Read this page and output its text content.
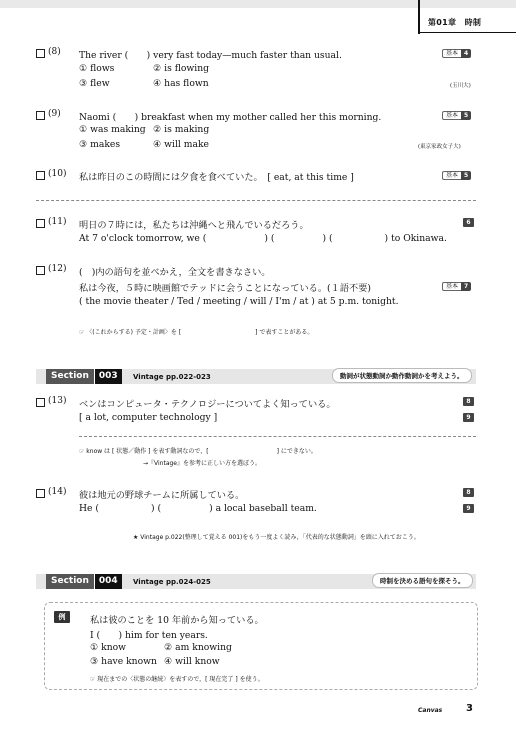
第01章　時制
(8) The river (　　) very fast today—much faster than usual.	基本	4
① flows	② is flowing
③ flew	④ has flown	(玉川大)
(9) Naomi (　　) breakfast when my mother called her this morning.	基本	5
① was making ② is making
③ makes	④ will make	(東京家政女子大)
(10) 私は昨日のこの時間には夕食を食べていた。　[ eat, at this time ]	基本	5
(11) 明日の７時には，私たちは沖縄へと飛んでいるだろう。	6
At 7 o'clock tomorrow, we (	) (	) (	) to Okinawa.
(12) (　)内の語句を並べかえ，全文を書きなさい。
基本	7
私は今夜，５時に映画館でテッドに会うことになっている。(１語不要)
( the movie theater / Ted / meeting / will / I'm / at ) at 5 p.m. tonight.
☞ 〈(これからする) 予定・計画〉を [	] で表すことがある。
Section	003	Vintage pp.022-023	動詞が状態動詞か動作動詞かを考えよう。
(13) ベンはコンピュータ・テクノロジーについてよく知っている。	8
[ a lot, computer technology ]	9
☞ know は [ 状態／動作 ] を表す動詞なので，[	] にできない。
→『Vintage』を参考に正しい方を選ぼう。
(14) 彼は地元の野球チームに所属している。	8
He (	) (	) a local baseball team.	9
★ Vintage p.022(整理して覚える 001)をもう一度よく読み，「代表的な状態動詞」を頭に入れておこう。
Section	004	Vintage pp.024-025	時制を決める語句を探そう。
例	私は彼のことを 10 年前から知っている。
I (　　) him for ten years.
① know	② am knowing
③ have known ④ will know
☞ 現在までの〈状態の継続〉を表すので，[ 現在完了 ] を使う。
Canvas 3
